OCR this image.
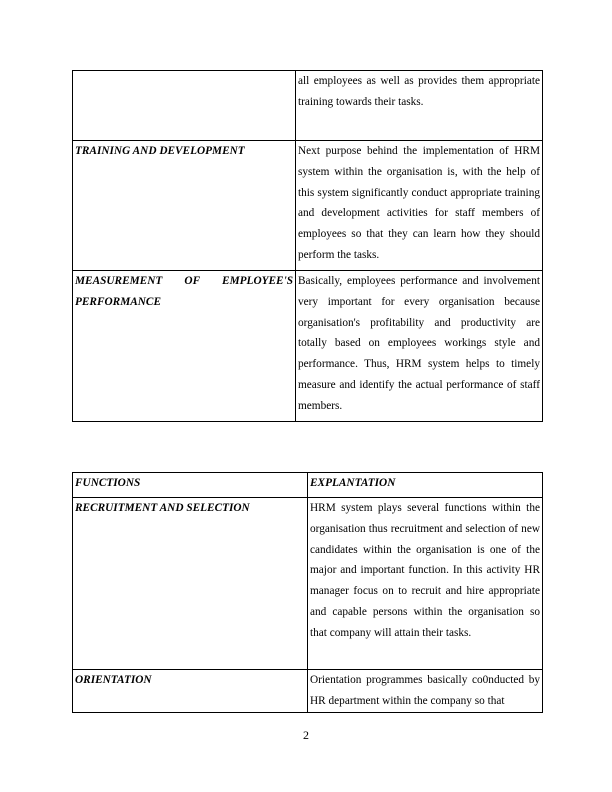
	all employees as well as provides them appropriate training towards their tasks.
TRAINING AND DEVELOPMENT	Next purpose behind the implementation of HRM system within the organisation is, with the help of this system significantly conduct appropriate training and development activities for staff members of employees so that they can learn how they should perform the tasks.
MEASUREMENT OF EMPLOYEE'S PERFORMANCE	Basically, employees performance and involvement very important for every organisation because organisation's profitability and productivity are totally based on employees workings style and performance. Thus, HRM system helps to timely measure and identify the actual performance of staff members.
FUNCTIONS	EXPLANTATION
RECRUITMENT AND SELECTION	HRM system plays several functions within the organisation thus recruitment and selection of new candidates within the organisation is one of the major and important function. In this activity HR manager focus on to recruit and hire appropriate and capable persons within the organisation so that company will attain their tasks.
ORIENTATION	Orientation programmes basically co0nducted by HR department within the company so that
2
